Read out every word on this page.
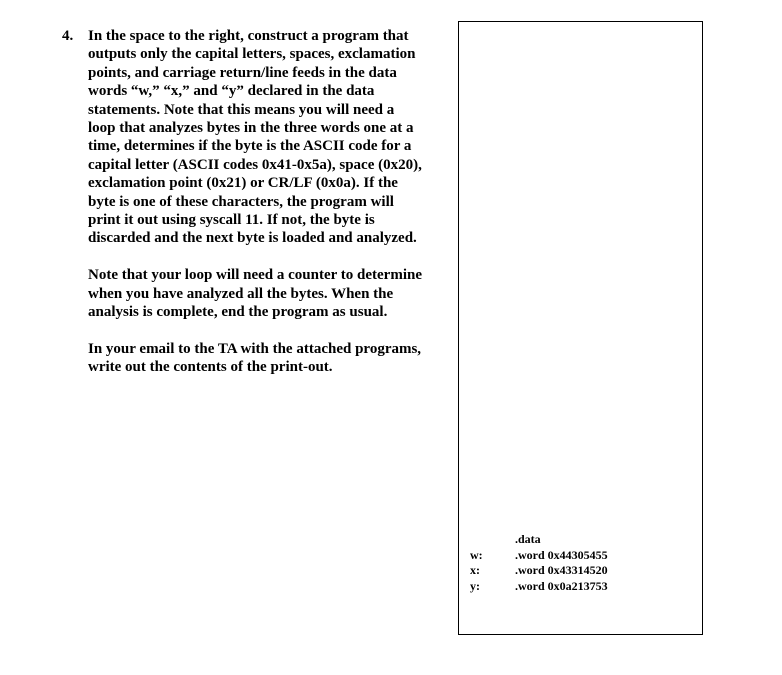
4. In the space to the right, construct a program that
outputs only the capital letters, spaces, exclamation
points, and carriage return/line feeds in the data
words “w,” “x,” and “y” declared in the data
statements. Note that this means you will need a
loop that analyzes bytes in the three words one at a
time, determines if the byte is the ASCII code for a
capital letter (ASCII codes 0x41-0x5a), space (0x20),
exclamation point (0x21) or CR/LF (0x0a). If the
byte is one of these characters, the program will
print it out using syscall 11. If not, the byte is
discarded and the next byte is loaded and analyzed.

Note that your loop will need a counter to determine
when you have analyzed all the bytes. When the
analysis is complete, end the program as usual.

In your email to the TA with the attached programs,
write out the contents of the print-out.

.data
w:	.word 0x44305455
x:	.word 0x43314520
y:	.word 0x0a213753
